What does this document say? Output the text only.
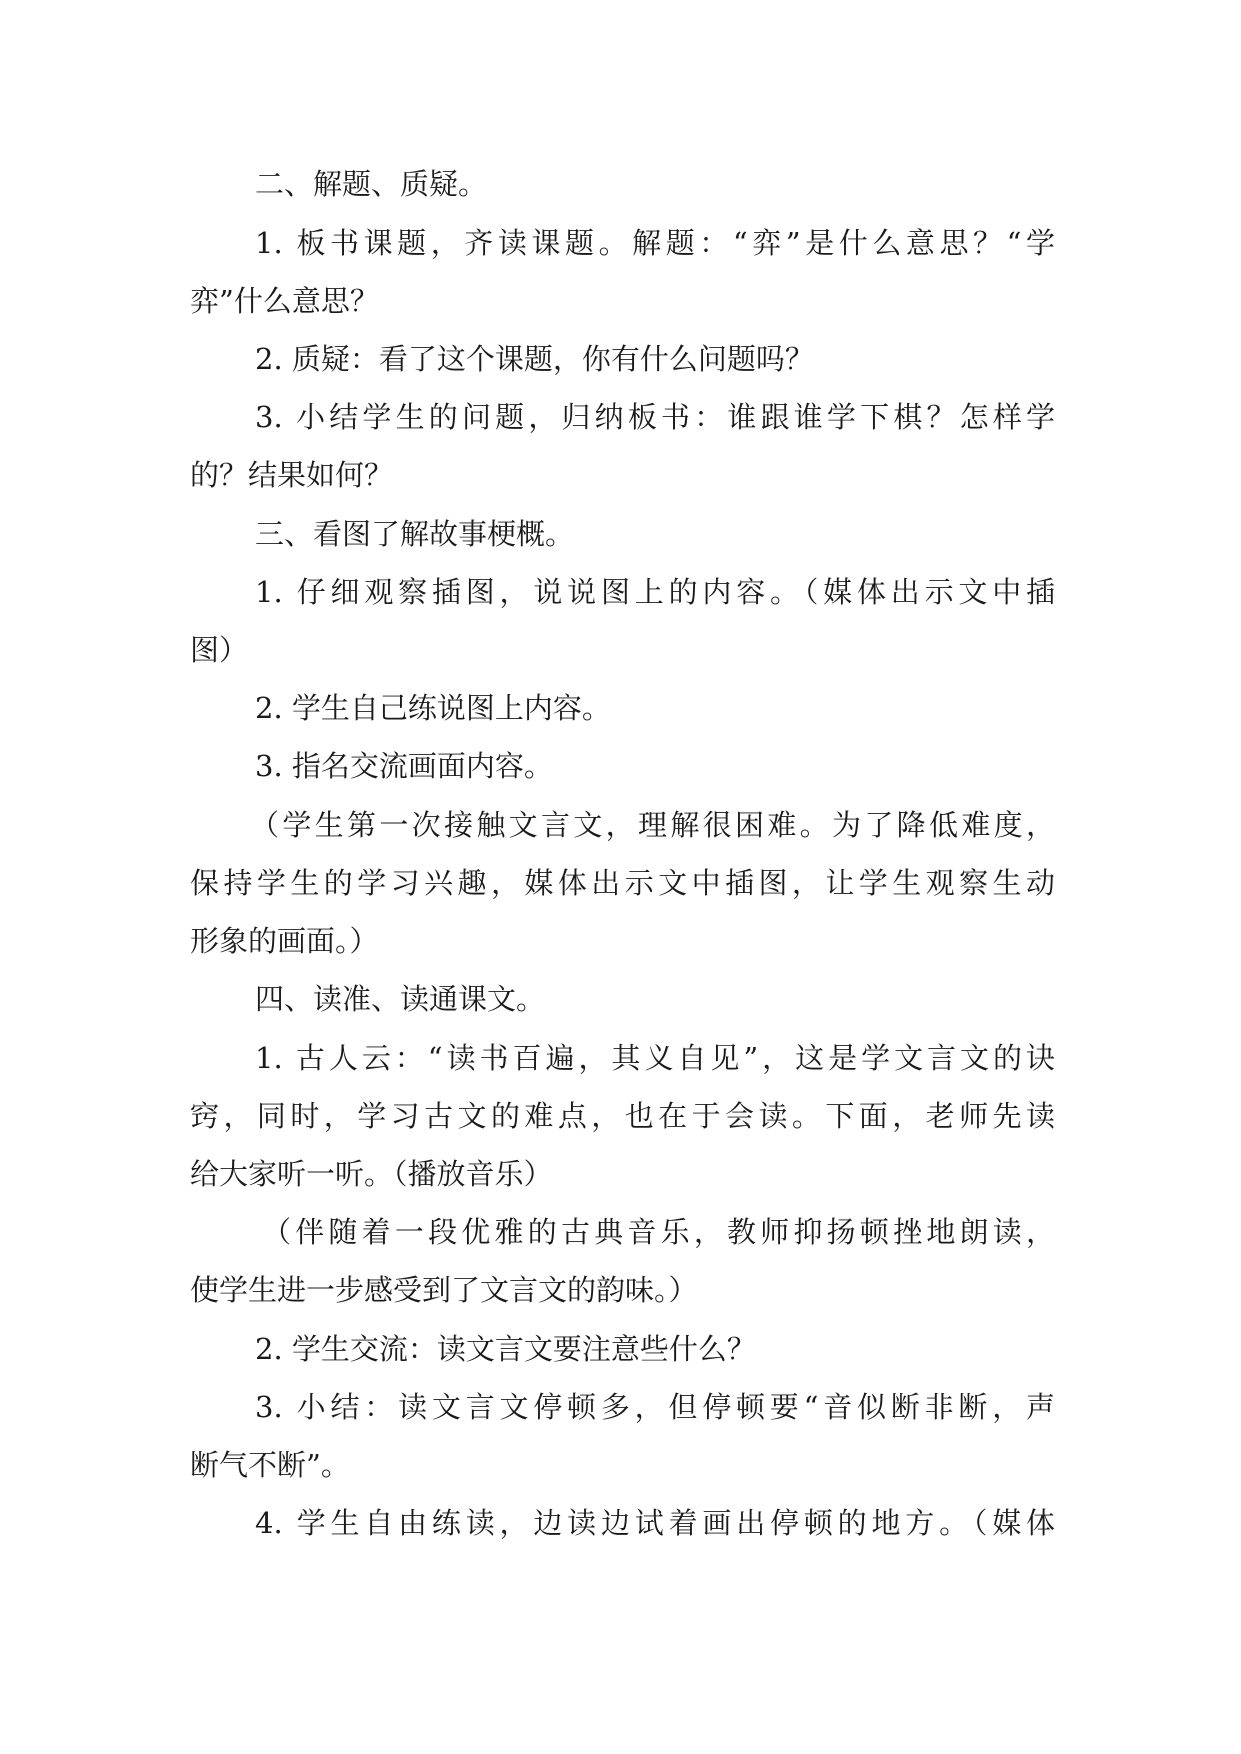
二、解题、质疑。
1. 板书课题，齐读课题。解题：“弈”是什么意思？“学
弈”什么意思？
2. 质疑：看了这个课题，你有什么问题吗？
3. 小结学生的问题，归纳板书：谁跟谁学下棋？怎样学
的？结果如何？
三、看图了解故事梗概。
1. 仔细观察插图，说说图上的内容。（媒体出示文中插
图）
2. 学生自己练说图上内容。
3. 指名交流画面内容。
（学生第一次接触文言文，理解很困难。为了降低难度，
保持学生的学习兴趣，媒体出示文中插图，让学生观察生动
形象的画面。）
四、读准、读通课文。
1. 古人云：“读书百遍，其义自见”，这是学文言文的诀
窍，同时，学习古文的难点，也在于会读。下面，老师先读
给大家听一听。（播放音乐）
（伴随着一段优雅的古典音乐，教师抑扬顿挫地朗读，
使学生进一步感受到了文言文的韵味。）
2. 学生交流：读文言文要注意些什么？
3. 小结：读文言文停顿多，但停顿要“音似断非断，声
断气不断”。
4. 学生自由练读，边读边试着画出停顿的地方。（媒体
